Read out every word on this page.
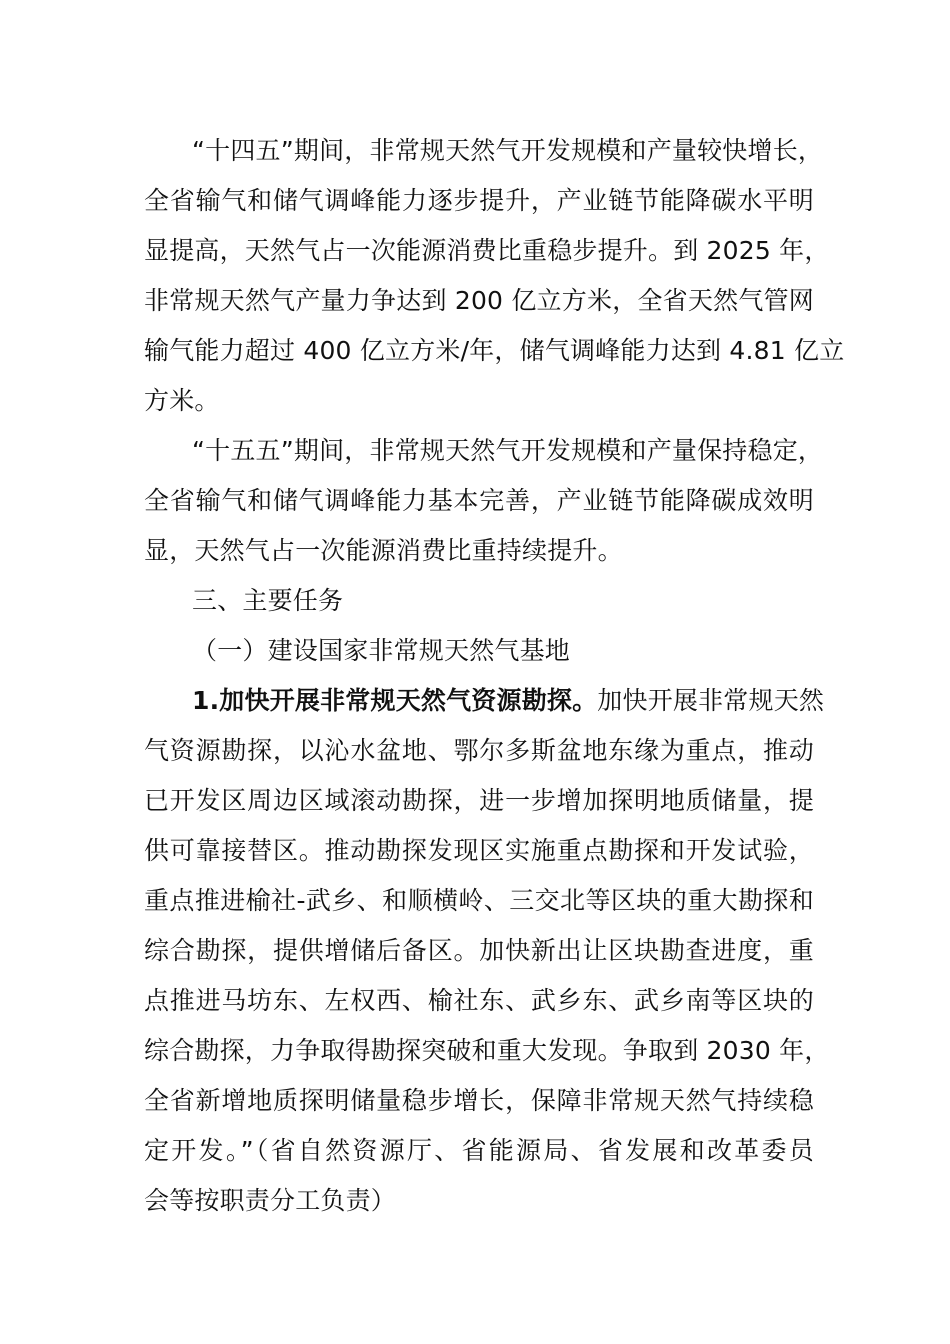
“十四五”期间，非常规天然气开发规模和产量较快增长，
全省输气和储气调峰能力逐步提升，产业链节能降碳水平明
显提高，天然气占一次能源消费比重稳步提升。到 2025 年，
非常规天然气产量力争达到 200 亿立方米，全省天然气管网
输气能力超过 400 亿立方米/年，储气调峰能力达到 4.81 亿立
方米。
“十五五”期间，非常规天然气开发规模和产量保持稳定，
全省输气和储气调峰能力基本完善，产业链节能降碳成效明
显，天然气占一次能源消费比重持续提升。
三、主要任务
（一）建设国家非常规天然气基地
1.加快开展非常规天然气资源勘探。加快开展非常规天然
气资源勘探，以沁水盆地、鄂尔多斯盆地东缘为重点，推动
已开发区周边区域滚动勘探，进一步增加探明地质储量，提
供可靠接替区。推动勘探发现区实施重点勘探和开发试验，
重点推进榆社-武乡、和顺横岭、三交北等区块的重大勘探和
综合勘探，提供增储后备区。加快新出让区块勘查进度，重
点推进马坊东、左权西、榆社东、武乡东、武乡南等区块的
综合勘探，力争取得勘探突破和重大发现。争取到 2030 年，
全省新增地质探明储量稳步增长，保障非常规天然气持续稳
定开发。”（省自然资源厅、省能源局、省发展和改革委员
会等按职责分工负责）
